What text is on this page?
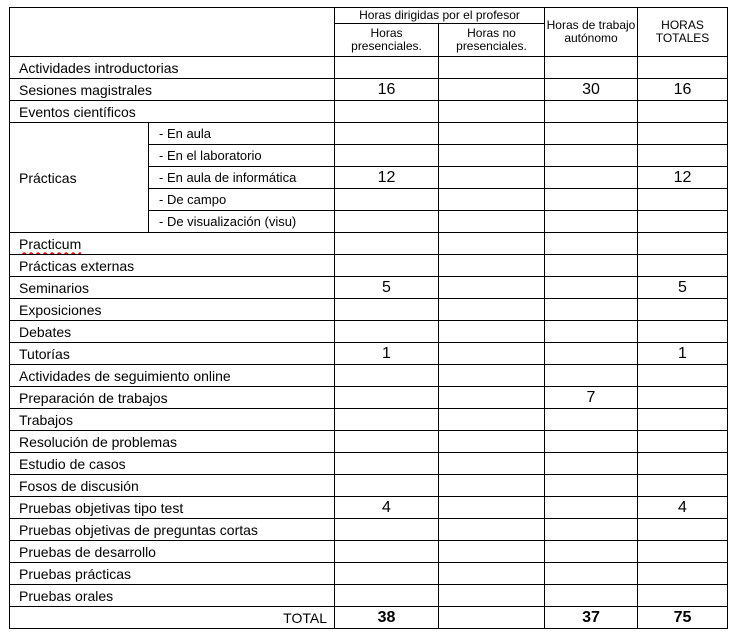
		Horas dirigidas por el profesor		Horas de trabajo autónomo	HORAS TOTALES
		Horas presenciales.	Horas no presenciales.		
Actividades introductorias					
Sesiones magistrales		16		30	16
Eventos científicos					
Prácticas	- En aula				
	- En el laboratorio				
	- En aula de informática	12			12
	- De campo				
	- De visualización (visu)				
Practicum					
Prácticas externas					
Seminarios		5			5
Exposiciones					
Debates					
Tutorías		1			1
Actividades de seguimiento online					
Preparación de trabajos				7	
Trabajos					
Resolución de problemas					
Estudio de casos					
Fosos de discusión					
Pruebas objetivas tipo test		4			4
Pruebas objetivas de preguntas cortas					
Pruebas de desarrollo					
Pruebas prácticas					
Pruebas orales					
TOTAL		38		37	75
